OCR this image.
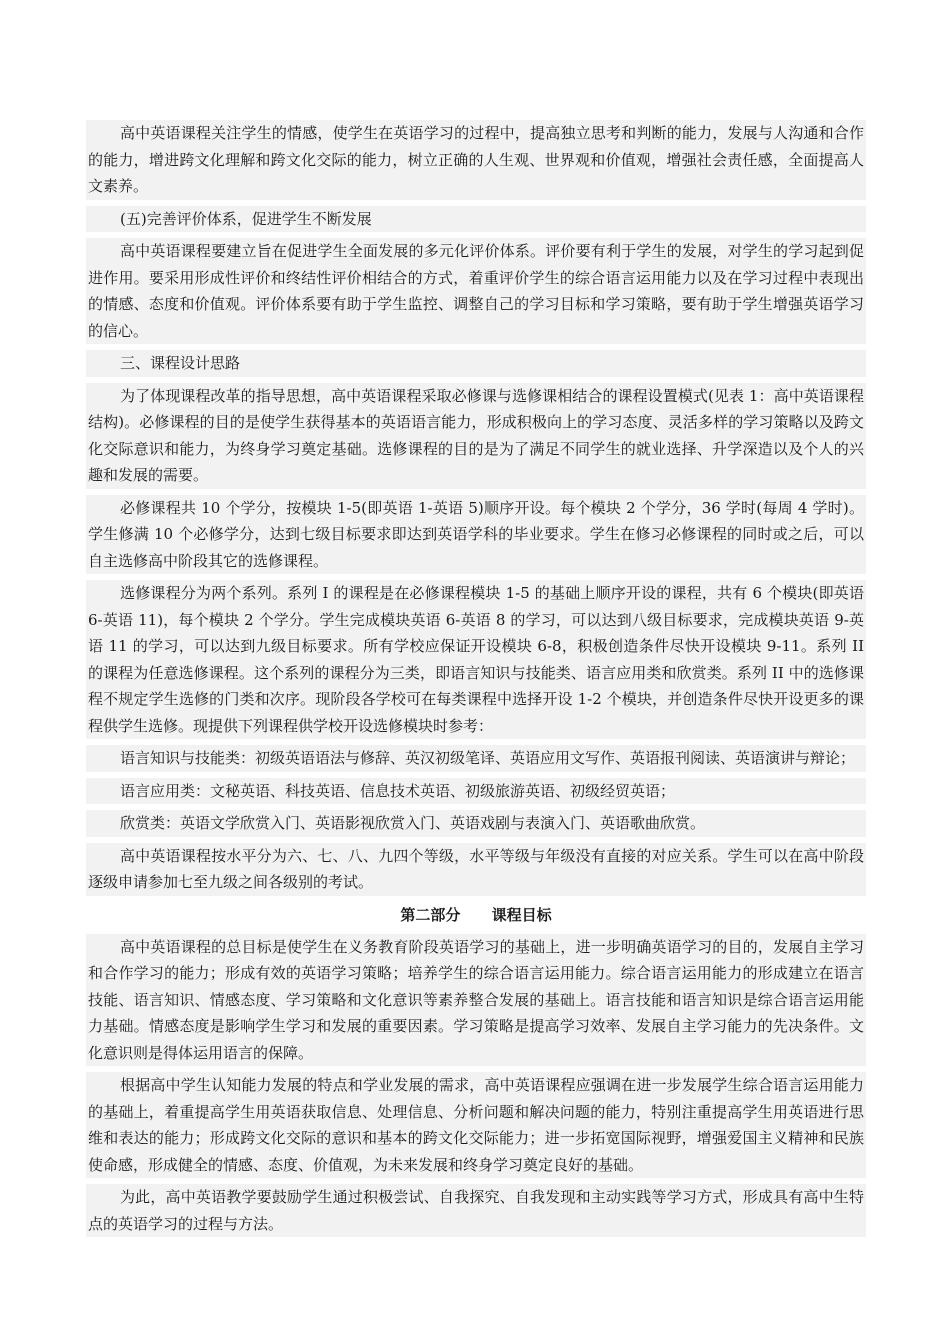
高中英语课程关注学生的情感，使学生在英语学习的过程中，提高独立思考和判断的能力，发展与人沟通和合作的能力，增进跨文化理解和跨文化交际的能力，树立正确的人生观、世界观和价值观，增强社会责任感，全面提高人文素养。

(五)完善评价体系，促进学生不断发展

高中英语课程要建立旨在促进学生全面发展的多元化评价体系。评价要有利于学生的发展，对学生的学习起到促进作用。要采用形成性评价和终结性评价相结合的方式，着重评价学生的综合语言运用能力以及在学习过程中表现出的情感、态度和价值观。评价体系要有助于学生监控、调整自己的学习目标和学习策略，要有助于学生增强英语学习的信心。

三、课程设计思路

为了体现课程改革的指导思想，高中英语课程采取必修课与选修课相结合的课程设置模式(见表 1：高中英语课程结构)。必修课程的目的是使学生获得基本的英语语言能力，形成积极向上的学习态度、灵活多样的学习策略以及跨文化交际意识和能力，为终身学习奠定基础。选修课程的目的是为了满足不同学生的就业选择、升学深造以及个人的兴趣和发展的需要。

必修课程共 10 个学分，按模块 1-5(即英语 1-英语 5)顺序开设。每个模块 2 个学分，36 学时(每周 4 学时)。学生修满 10 个必修学分，达到七级目标要求即达到英语学科的毕业要求。学生在修习必修课程的同时或之后，可以自主选修高中阶段其它的选修课程。

选修课程分为两个系列。系列 I 的课程是在必修课程模块 1-5 的基础上顺序开设的课程，共有 6 个模块(即英语 6-英语 11)，每个模块 2 个学分。学生完成模块英语 6-英语 8 的学习，可以达到八级目标要求，完成模块英语 9-英语 11 的学习，可以达到九级目标要求。所有学校应保证开设模块 6-8，积极创造条件尽快开设模块 9-11。系列 II 的课程为任意选修课程。这个系列的课程分为三类，即语言知识与技能类、语言应用类和欣赏类。系列 II 中的选修课程不规定学生选修的门类和次序。现阶段各学校可在每类课程中选择开设 1-2 个模块，并创造条件尽快开设更多的课程供学生选修。现提供下列课程供学校开设选修模块时参考：

语言知识与技能类：初级英语语法与修辞、英汉初级笔译、英语应用文写作、英语报刊阅读、英语演讲与辩论；

语言应用类：文秘英语、科技英语、信息技术英语、初级旅游英语、初级经贸英语；

欣赏类：英语文学欣赏入门、英语影视欣赏入门、英语戏剧与表演入门、英语歌曲欣赏。

高中英语课程按水平分为六、七、八、九四个等级，水平等级与年级没有直接的对应关系。学生可以在高中阶段逐级申请参加七至九级之间各级别的考试。

第二部分      课程目标

高中英语课程的总目标是使学生在义务教育阶段英语学习的基础上，进一步明确英语学习的目的，发展自主学习和合作学习的能力；形成有效的英语学习策略；培养学生的综合语言运用能力。综合语言运用能力的形成建立在语言技能、语言知识、情感态度、学习策略和文化意识等素养整合发展的基础上。语言技能和语言知识是综合语言运用能力基础。情感态度是影响学生学习和发展的重要因素。学习策略是提高学习效率、发展自主学习能力的先决条件。文化意识则是得体运用语言的保障。

根据高中学生认知能力发展的特点和学业发展的需求，高中英语课程应强调在进一步发展学生综合语言运用能力的基础上，着重提高学生用英语获取信息、处理信息、分析问题和解决问题的能力，特别注重提高学生用英语进行思维和表达的能力；形成跨文化交际的意识和基本的跨文化交际能力；进一步拓宽国际视野，增强爱国主义精神和民族使命感，形成健全的情感、态度、价值观，为未来发展和终身学习奠定良好的基础。

为此，高中英语教学要鼓励学生通过积极尝试、自我探究、自我发现和主动实践等学习方式，形成具有高中生特点的英语学习的过程与方法。
